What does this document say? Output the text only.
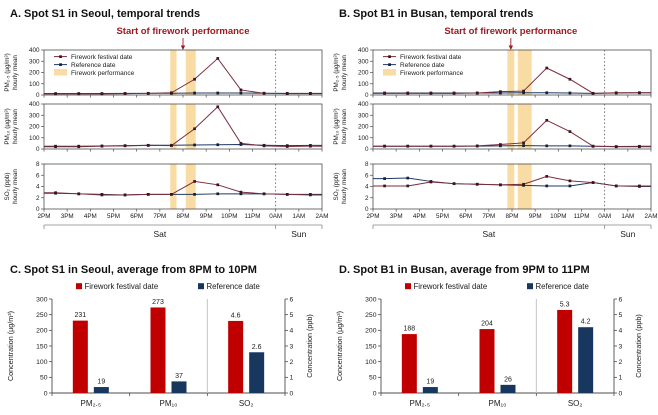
A. Spot S1 in Seoul, temporal trends
Start of firework performance
0
100
200
300
400
PM₂.₅ (µg/m³) hourly mean	Firework festival date
Reference date
Firework performance
0
100
200
300
400
PM₁₀ (µg/m³) hourly mean
0
2
4
6
8
SO₂ (ppb) hourly mean
2PM 3PM 4PM 5PM 6PM 7PM 8PM 9PM 10PM 11PM 0AM 1AM 2AM
Sat	Sun
B. Spot B1 in Busan, temporal trends
Start of firework performance
0
100
200
300
400
PM₂.₅ (µg/m³) hourly mean	Firework festival date
Reference date
Firework performance
0
100
200
300
400
PM₁₀ (µg/m³) hourly mean
0
2
4
6
8
SO₂ (ppb) hourly mean
2PM 3PM 4PM 5PM 6PM 7PM 8PM 9PM 10PM 11PM 0AM 1AM 2AM
Sat	Sun
C. Spot S1 in Seoul, average from 8PM to 10PM
Firework festival date	Reference date
0
50
100
150
200
250
300
0
1
2
3
4
5
6
Concentration (µg/m³)	Concentration (ppb)
231
19
PM₂.₅
273
37
PM₁₀
4.6
2.6
SO₂
D. Spot B1 in Busan, average from 9PM to 11PM
Firework festival date	Reference date
0
50
100
150
200
250
300
0
1
2
3
4
5
6
Concentration (µg/m³)	Concentration (ppb)
188
19
PM₂.₅
204
26
PM₁₀
5.3
4.2
SO₂
